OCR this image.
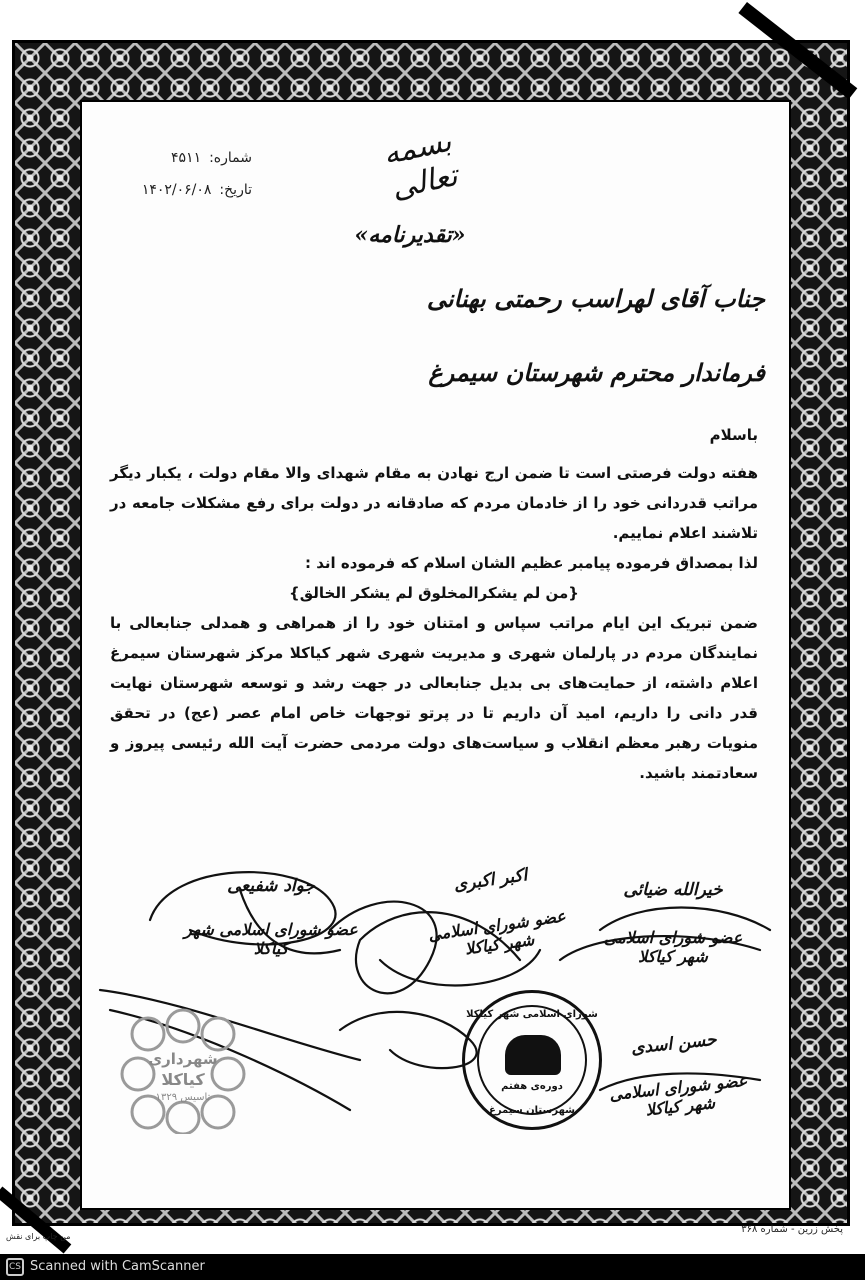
بسمه تعالی
شماره:۴۵۱۱
تاریخ:۱۴۰۲/۰۶/۰۸
«تقدیرنامه»
جناب آقای لهراسب رحمتی بهنانی
فرماندار محترم شهرستان سیمرغ

باسلام

هفته دولت فرصتی است تا ضمن ارج نهادن به مقام شهدای والا مقام دولت ، یکبار دیگر مراتب قدردانی خود را از خادمان مردم که صادقانه در دولت برای رفع مشکلات جامعه در تلاشند اعلام نماییم.

لذا بمصداق فرموده پیامبر عظیم الشان اسلام که فرموده اند :

{من لم یشکرالمخلوق لم یشکر الخالق}

ضمن تبریک این ایام مراتب سپاس و امتنان خود را از همراهی و همدلی جنابعالی با نمایندگان مردم در پارلمان شهری و مدیریت شهری شهر کیاکلا مرکز شهرستان سیمرغ اعلام داشته، از حمایت‌های بی بدیل جنابعالی در جهت رشد و توسعه شهرستان نهایت قدر دانی را داریم، امید آن داریم تا در پرتو توجهات خاص امام عصر (عج) در تحقق منویات رهبر معظم انقلاب و سیاست‌های دولت مردمی حضرت آیت الله رئیسی پیروز و سعادتمند باشید.

جواد شفیعی
عضو شورای اسلامی شهر کیاکلا
اکبر اکبری
عضو شورای اسلامی شهر کیاکلا
خیرالله ضیائی
عضو شورای اسلامی شهر کیاکلا
حسن اسدی
عضو شورای اسلامی شهر کیاکلا
شهرداری
کیاکلا
تاسیس ۱۳۲۹
شورای اسلامی شهر کیاکلا
دوره‌ی هفتم
شهرستان سیمرغ
پخش زرین - شماره ۳۶۸
من چاپ برای نقش
CS Scanned with CamScanner
